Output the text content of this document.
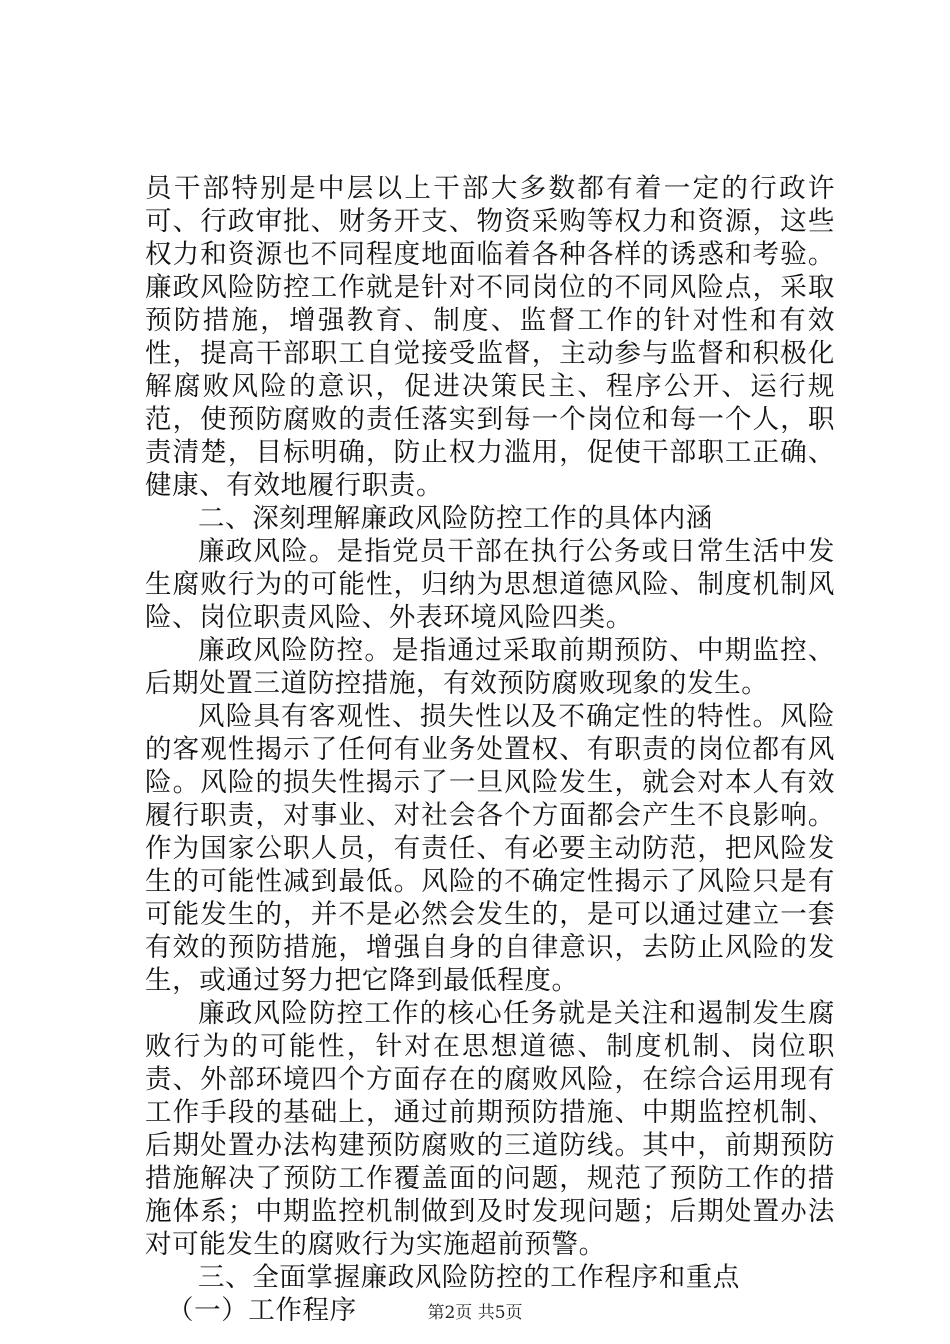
员干部特别是中层以上干部大多数都有着一定的行政许可、行政审批、财务开支、物资采购等权力和资源，这些权力和资源也不同程度地面临着各种各样的诱惑和考验。廉政风险防控工作就是针对不同岗位的不同风险点，采取预防措施，增强教育、制度、监督工作的针对性和有效性，提高干部职工自觉接受监督，主动参与监督和积极化解腐败风险的意识，促进决策民主、程序公开、运行规范，使预防腐败的责任落实到每一个岗位和每一个人，职责清楚，目标明确，防止权力滥用，促使干部职工正确、健康、有效地履行职责。

二、深刻理解廉政风险防控工作的具体内涵

廉政风险。是指党员干部在执行公务或日常生活中发生腐败行为的可能性，归纳为思想道德风险、制度机制风险、岗位职责风险、外表环境风险四类。

廉政风险防控。是指通过采取前期预防、中期监控、后期处置三道防控措施，有效预防腐败现象的发生。

风险具有客观性、损失性以及不确定性的特性。风险的客观性揭示了任何有业务处置权、有职责的岗位都有风险。风险的损失性揭示了一旦风险发生，就会对本人有效履行职责，对事业、对社会各个方面都会产生不良影响。作为国家公职人员，有责任、有必要主动防范，把风险发生的可能性减到最低。风险的不确定性揭示了风险只是有可能发生的，并不是必然会发生的，是可以通过建立一套有效的预防措施，增强自身的自律意识，去防止风险的发生，或通过努力把它降到最低程度。

廉政风险防控工作的核心任务就是关注和遏制发生腐败行为的可能性，针对在思想道德、制度机制、岗位职责、外部环境四个方面存在的腐败风险，在综合运用现有工作手段的基础上，通过前期预防措施、中期监控机制、后期处置办法构建预防腐败的三道防线。其中，前期预防措施解决了预防工作覆盖面的问题，规范了预防工作的措施体系；中期监控机制做到及时发现问题；后期处置办法对可能发生的腐败行为实施超前预警。

三、全面掌握廉政风险防控的工作程序和重点

（一）工作程序	第2页 共5页
